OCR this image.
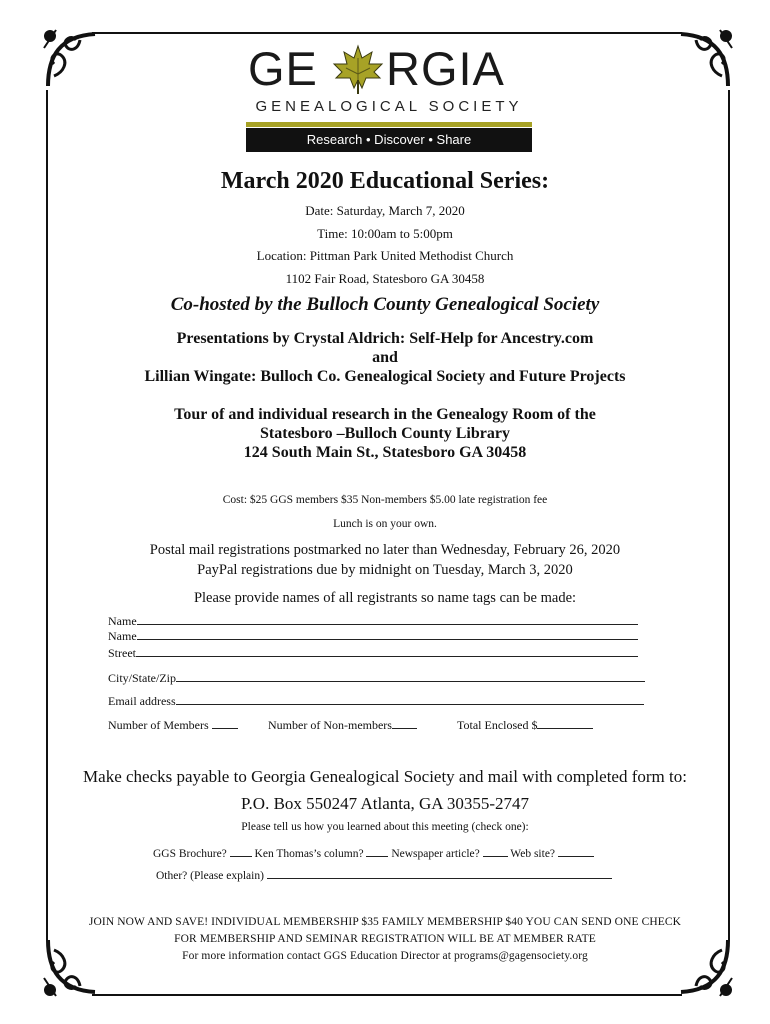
GE RGIA
GENEALOGICAL SOCIETY
Research • Discover • Share
March 2020 Educational Series:
Date: Saturday, March 7, 2020
Time: 10:00am to 5:00pm
Location: Pittman Park United Methodist Church
1102 Fair Road, Statesboro GA 30458
Co-hosted by the Bulloch County Genealogical Society
Presentations by Crystal Aldrich: Self-Help for Ancestry.com
and
Lillian Wingate: Bulloch Co. Genealogical Society and Future Projects
Tour of and individual research in the Genealogy Room of the
Statesboro –Bulloch County Library
124 South Main St., Statesboro GA 30458
Cost: $25 GGS members $35 Non-members $5.00 late registration fee
Lunch is on your own.
Postal mail registrations postmarked no later than Wednesday, February 26, 2020
PayPal registrations due by midnight on Tuesday, March 3, 2020
Please provide names of all registrants so name tags can be made:
Name
Name
Street
City/State/Zip
Email address
Number of Members	Number of Non-members	Total Enclosed $
Make checks payable to Georgia Genealogical Society and mail with completed form to:
P.O. Box 550247 Atlanta, GA 30355-2747
Please tell us how you learned about this meeting (check one):
GGS Brochure? Ken Thomas’s column? Newspaper article?	Web site?
Other? (Please explain)
JOIN NOW AND SAVE! INDIVIDUAL MEMBERSHIP $35 FAMILY MEMBERSHIP $40 YOU CAN SEND ONE CHECK
FOR MEMBERSHIP AND SEMINAR REGISTRATION WILL BE AT MEMBER RATE
For more information contact GGS Education Director at programs@gagensociety.org
